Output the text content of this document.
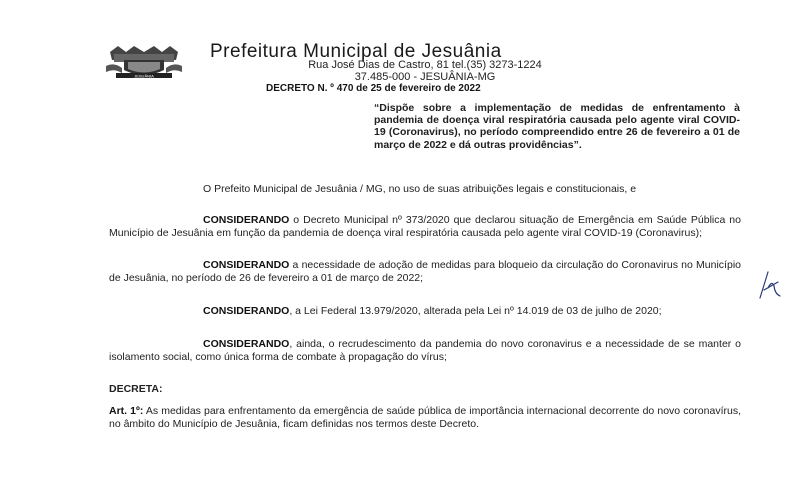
JESUÂNIA
Prefeitura Municipal de Jesuânia
Rua José Dias de Castro, 81 tel.(35) 3273-1224
37.485-000 - JESUÂNIA-MG
DECRETO N. º 470 de 25 de fevereiro de 2022
“Dispõe sobre a implementação de medidas de enfrentamento à pandemia de doença viral respiratória causada pelo agente viral COVID-19 (Coronavirus), no período compreendido entre 26 de fevereiro a 01 de março de 2022 e dá outras providências”.
O Prefeito Municipal de Jesuânia / MG, no uso de suas atribuições legais e constitucionais, e
CONSIDERANDO o Decreto Municipal nº 373/2020 que declarou situação de Emergência em Saúde Pública no Município de Jesuânia em função da pandemia de doença viral respiratória causada pelo agente viral COVID-19 (Coronavirus);
CONSIDERANDO a necessidade de adoção de medidas para bloqueio da circulação do Coronavirus no Município de Jesuânia, no período de 26 de fevereiro a 01 de março de 2022;
CONSIDERANDO, a Lei Federal 13.979/2020, alterada pela Lei nº 14.019 de 03 de julho de 2020;
CONSIDERANDO, ainda, o recrudescimento da pandemia do novo coronavirus e a necessidade de se manter o isolamento social, como única forma de combate à propagação do vírus;
DECRETA:
Art. 1º: As medidas para enfrentamento da emergência de saúde pública de importância internacional decorrente do novo coronavírus, no âmbito do Município de Jesuânia, ficam definidas nos termos deste Decreto.
